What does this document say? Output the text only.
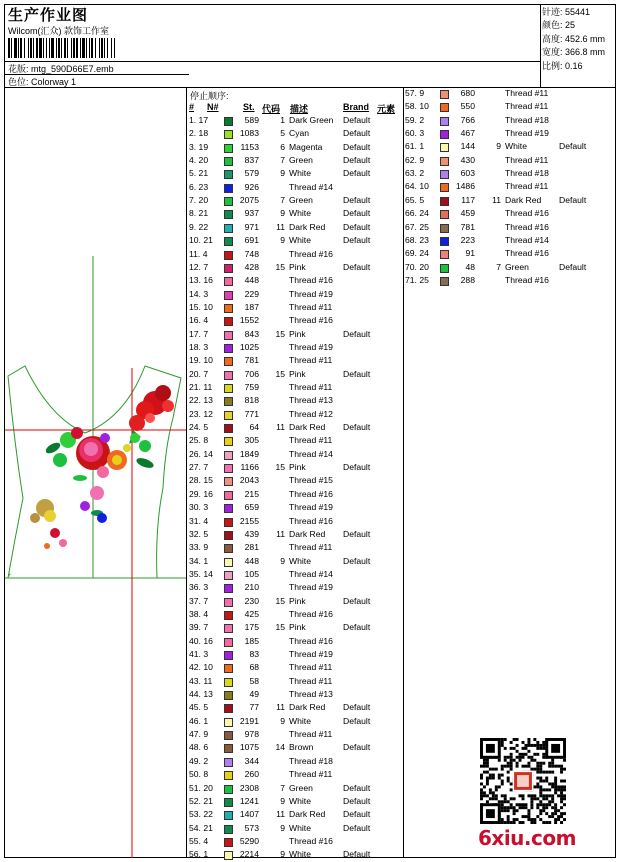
生产作业图
Wilcom(汇众) 款饰工作室
花版: mtg_590D66E7.emb
色位: Colorway 1
针迹: 55441
颜色: 25
高度: 452.6 mm
宽度: 366.8 mm
比例: 0.16
+
停止顺序:
# N#	St. 代码 描述	Brand 元素
1. 17	589	1 Dark Green Default
2. 18	1083	5 Cyan	Default
3. 19	1153	6 Magenta Default
4. 20	837	7 Green	Default
5. 21	579	9 White	Default
6. 23	926	Thread #14
7. 20	2075	7 Green	Default
8. 21	937	9 White	Default
9. 22	971	11 Dark Red Default
10. 21	691	9 White	Default
11. 4	748	Thread #16
12. 7	428	15 Pink	Default
13. 16	448	Thread #16
14. 3	229	Thread #19
15. 10	187	Thread #11
16. 4	1552	Thread #16
17. 7	843	15 Pink	Default
18. 3	1025	Thread #19
19. 10	781	Thread #11
20. 7	706	15 Pink	Default
21. 11	759	Thread #11
22. 13	818	Thread #13
23. 12	771	Thread #12
24. 5	64	11 Dark Red Default
25. 8	305	Thread #11
26. 14	1849	Thread #14
27. 7	1166	15 Pink	Default
28. 15	2043	Thread #15
29. 16	215	Thread #16
30. 3	659	Thread #19
31. 4	2155	Thread #16
32. 5	439	11 Dark Red Default
33. 9	281	Thread #11
34. 1	448	9 White	Default
35. 14	105	Thread #14
36. 3	210	Thread #19
37. 7	230	15 Pink	Default
38. 4	425	Thread #16
39. 7	175	15 Pink	Default
40. 16	185	Thread #16
41. 3	83	Thread #19
42. 10	68	Thread #11
43. 11	58	Thread #11
44. 13	49	Thread #13
45. 5	77	11 Dark Red Default
46. 1	2191	9 White	Default
47. 9	978	Thread #11
48. 6	1075	14 Brown	Default
49. 2	344	Thread #18
50. 8	260	Thread #11
51. 20	2308	7 Green	Default
52. 21	1241	9 White	Default
53. 22	1407	11 Dark Red Default
54. 21	573	9 White	Default
55. 4	5290	Thread #16
56. 1	2214	9 White	Default
57. 9	680	Thread #11
58. 10	550	Thread #11
59. 2	766	Thread #18
60. 3	467	Thread #19
61. 1	144	9 White	Default
62. 9	430	Thread #11
63. 2	603	Thread #18
64. 10	1486	Thread #11
65. 5	117	11 Dark Red Default
66. 24	459	Thread #16
67. 25	781	Thread #16
68. 23	223	Thread #14
69. 24	91	Thread #16
70. 20	48	7 Green	Default
71. 25	288	Thread #16
6xiu.com
